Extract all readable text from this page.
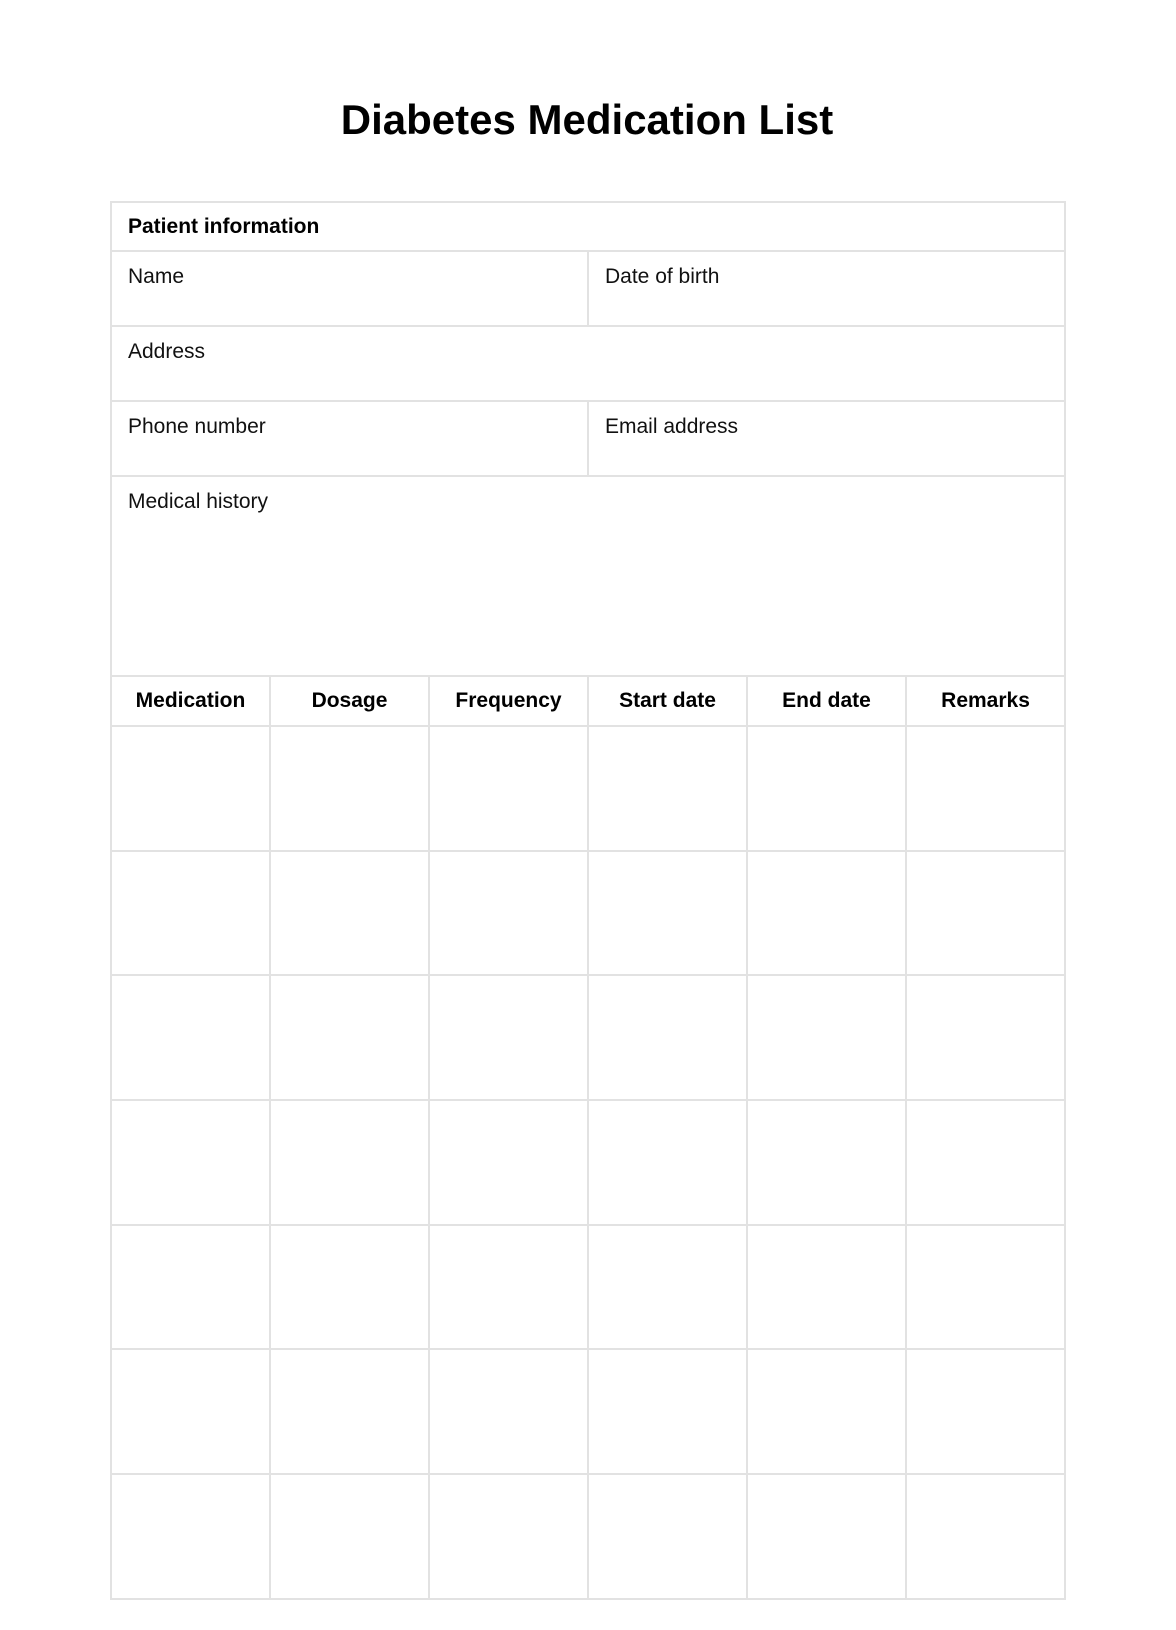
Diabetes Medication List
Patient information					

Name			Date of birth		

Address					

Phone number			Email address		

Medical history					

Medication	Dosage	Frequency	Start date	End date	Remarks
